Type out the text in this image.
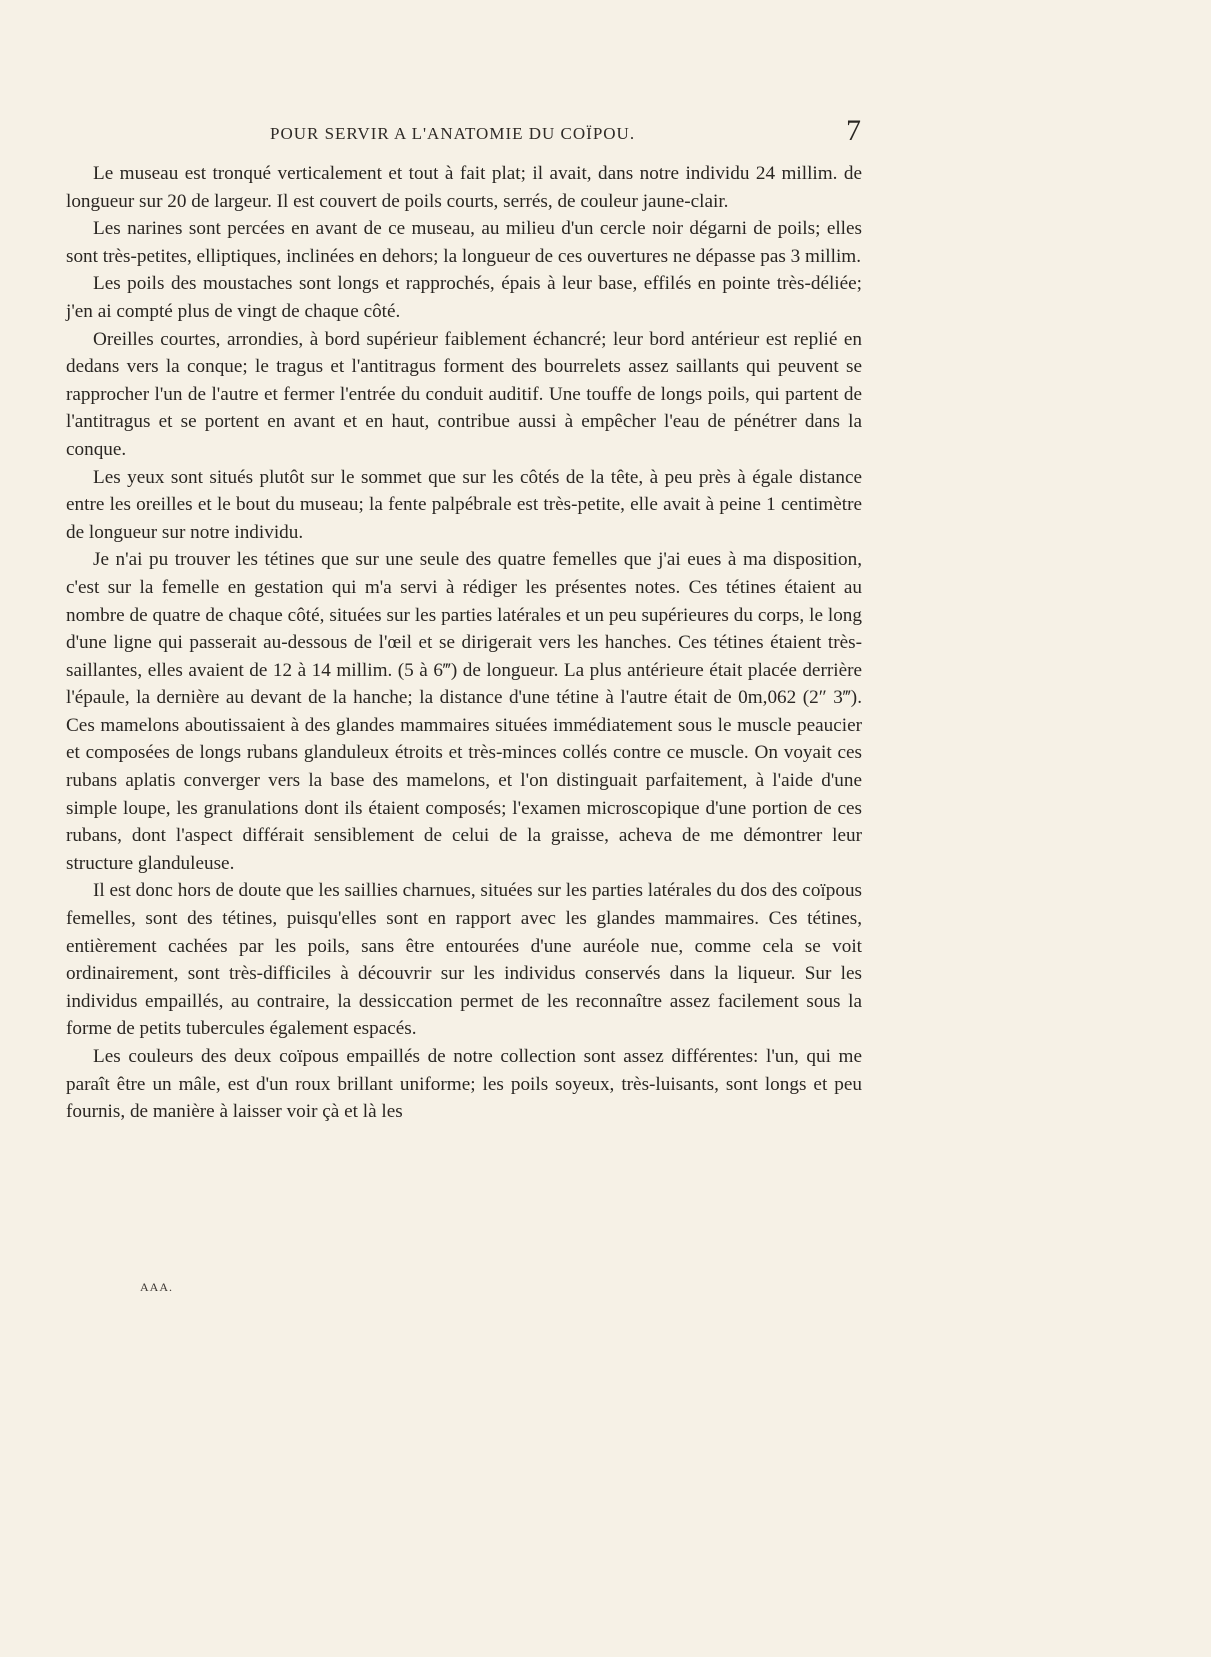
POUR SERVIR A L'ANATOMIE DU COÏPOU.	7

Le museau est tronqué verticalement et tout à fait plat; il avait, dans notre individu 24 millim. de longueur sur 20 de largeur. Il est couvert de poils courts, serrés, de couleur jaune-clair.

Les narines sont percées en avant de ce museau, au milieu d'un cercle noir dégarni de poils; elles sont très-petites, elliptiques, inclinées en dehors; la longueur de ces ouvertures ne dépasse pas 3 millim.

Les poils des moustaches sont longs et rapprochés, épais à leur base, effilés en pointe très-déliée; j'en ai compté plus de vingt de chaque côté.

Oreilles courtes, arrondies, à bord supérieur faiblement échancré; leur bord antérieur est replié en dedans vers la conque; le tragus et l'antitragus forment des bourrelets assez saillants qui peuvent se rapprocher l'un de l'autre et fermer l'entrée du conduit auditif. Une touffe de longs poils, qui partent de l'antitragus et se portent en avant et en haut, contribue aussi à empêcher l'eau de pénétrer dans la conque.

Les yeux sont situés plutôt sur le sommet que sur les côtés de la tête, à peu près à égale distance entre les oreilles et le bout du museau; la fente palpébrale est très-petite, elle avait à peine 1 centimètre de longueur sur notre individu.

Je n'ai pu trouver les tétines que sur une seule des quatre femelles que j'ai eues à ma disposition, c'est sur la femelle en gestation qui m'a servi à rédiger les présentes notes. Ces tétines étaient au nombre de quatre de chaque côté, situées sur les parties latérales et un peu supérieures du corps, le long d'une ligne qui passerait au-dessous de l'œil et se dirigerait vers les hanches. Ces tétines étaient très-saillantes, elles avaient de 12 à 14 millim. (5 à 6‴) de longueur. La plus antérieure était placée derrière l'épaule, la dernière au devant de la hanche; la distance d'une tétine à l'autre était de 0m,062 (2″ 3‴). Ces mamelons aboutissaient à des glandes mammaires situées immédiatement sous le muscle peaucier et composées de longs rubans glanduleux étroits et très-minces collés contre ce muscle. On voyait ces rubans aplatis converger vers la base des mamelons, et l'on distinguait parfaitement, à l'aide d'une simple loupe, les granulations dont ils étaient composés; l'examen microscopique d'une portion de ces rubans, dont l'aspect différait sensiblement de celui de la graisse, acheva de me démontrer leur structure glanduleuse.

Il est donc hors de doute que les saillies charnues, situées sur les parties latérales du dos des coïpous femelles, sont des tétines, puisqu'elles sont en rapport avec les glandes mammaires. Ces tétines, entièrement cachées par les poils, sans être entourées d'une auréole nue, comme cela se voit ordinairement, sont très-difficiles à découvrir sur les individus conservés dans la liqueur. Sur les individus empaillés, au contraire, la dessiccation permet de les reconnaître assez facilement sous la forme de petits tubercules également espacés.

Les couleurs des deux coïpous empaillés de notre collection sont assez différentes: l'un, qui me paraît être un mâle, est d'un roux brillant uniforme; les poils soyeux, très-luisants, sont longs et peu fournis, de manière à laisser voir çà et là les

AAA.
